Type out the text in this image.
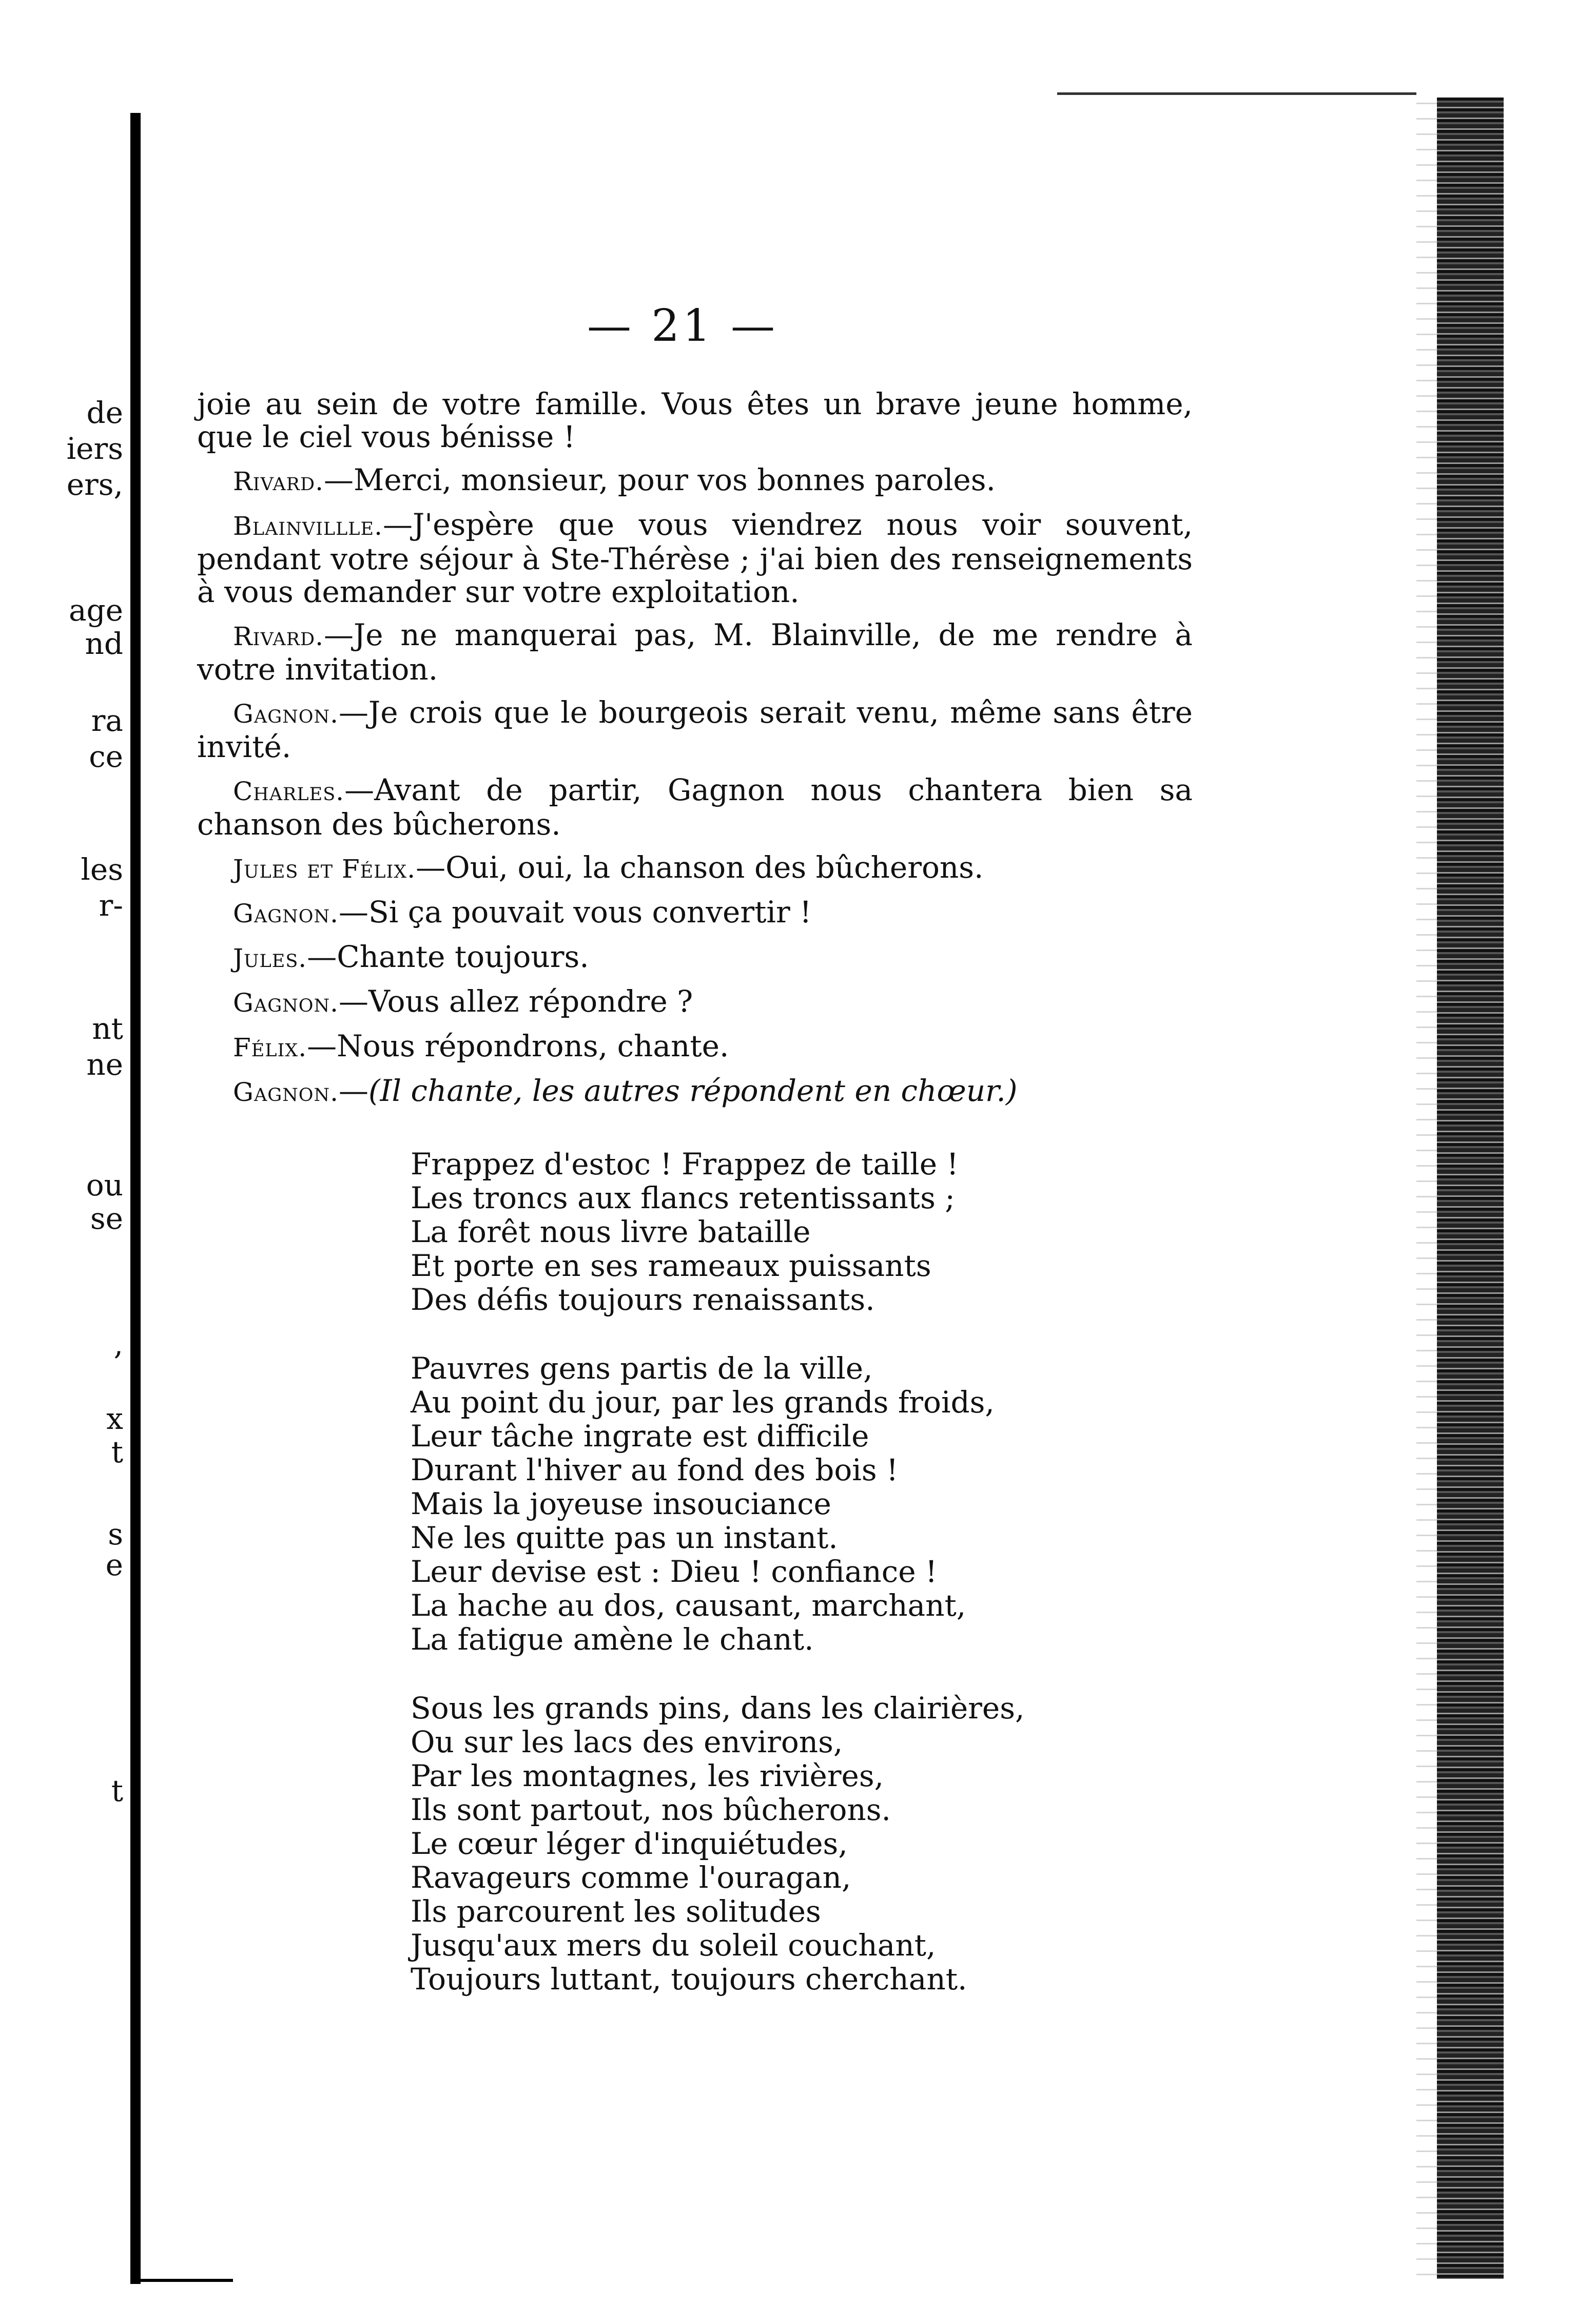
de
iers
ers,
age
nd
ra
ce
les
r-
nt
ne
ou
se
,
x
t
s
e
t
— 21 —

joie au sein de votre famille. Vous êtes un brave jeune homme, que le ciel vous bénisse !

Rivard.—Merci, monsieur, pour vos bonnes paroles.

Blainvillle.—J'espère que vous viendrez nous voir souvent, pendant votre séjour à Ste-Thérèse ; j'ai bien des renseignements à vous demander sur votre exploitation.

Rivard.—Je ne manquerai pas, M. Blainville, de me rendre à votre invitation.

Gagnon.—Je crois que le bourgeois serait venu, même sans être invité.

Charles.—Avant de partir, Gagnon nous chantera bien sa chanson des bûcherons.

Jules et Félix.—Oui, oui, la chanson des bûcherons.

Gagnon.—Si ça pouvait vous convertir !

Jules.—Chante toujours.

Gagnon.—Vous allez répondre ?

Félix.—Nous répondrons, chante.

Gagnon.—(Il chante, les autres répondent en chœur.)

Frappez d'estoc ! Frappez de taille !
Les troncs aux flancs retentissants ;
La forêt nous livre bataille
Et porte en ses rameaux puissants
Des défis toujours renaissants.
Pauvres gens partis de la ville,
Au point du jour, par les grands froids,
Leur tâche ingrate est difficile
Durant l'hiver au fond des bois !
Mais la joyeuse insouciance
Ne les quitte pas un instant.
Leur devise est : Dieu ! confiance !
La hache au dos, causant, marchant,
La fatigue amène le chant.
Sous les grands pins, dans les clairières,
Ou sur les lacs des environs,
Par les montagnes, les rivières,
Ils sont partout, nos bûcherons.
Le cœur léger d'inquiétudes,
Ravageurs comme l'ouragan,
Ils parcourent les solitudes
Jusqu'aux mers du soleil couchant,
Toujours luttant, toujours cherchant.
